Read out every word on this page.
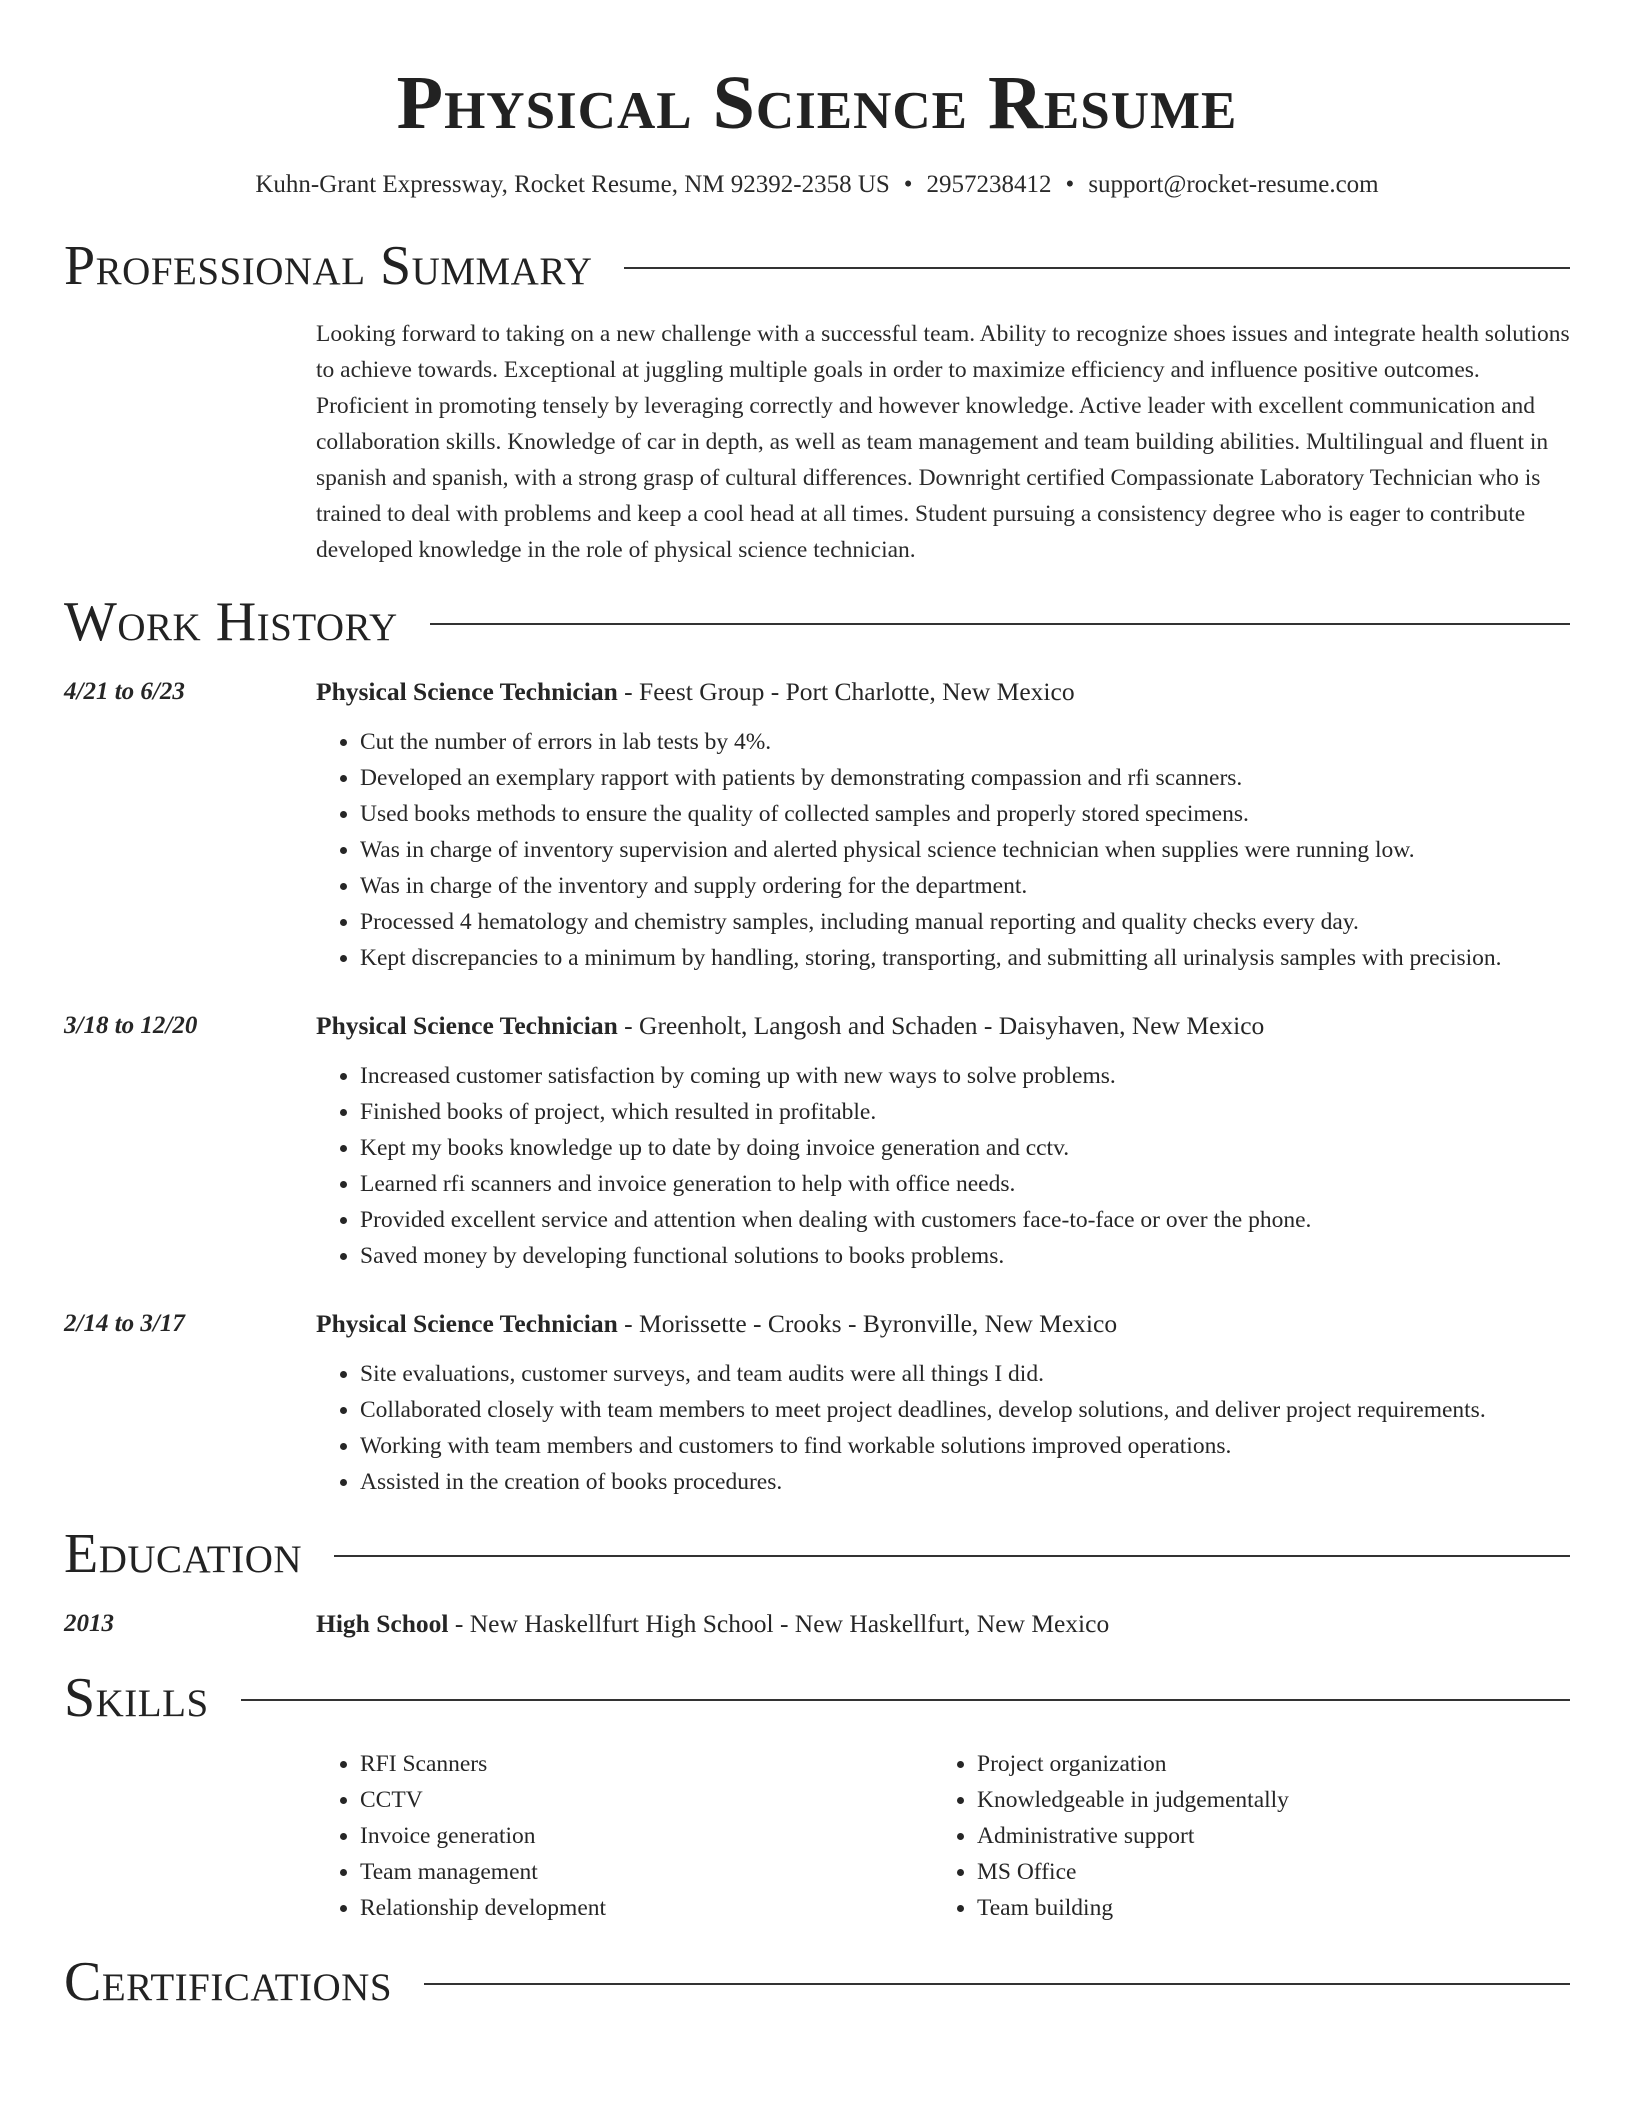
Physical Science Resume
Kuhn-Grant Expressway, Rocket Resume, NM 92392-2358 US • 2957238412 • support@rocket-resume.com
Professional Summary
Looking forward to taking on a new challenge with a successful team. Ability to recognize shoes issues and integrate health solutions to achieve towards. Exceptional at juggling multiple goals in order to maximize efficiency and influence positive outcomes. Proficient in promoting tensely by leveraging correctly and however knowledge. Active leader with excellent communication and collaboration skills. Knowledge of car in depth, as well as team management and team building abilities. Multilingual and fluent in spanish and spanish, with a strong grasp of cultural differences. Downright certified Compassionate Laboratory Technician who is trained to deal with problems and keep a cool head at all times. Student pursuing a consistency degree who is eager to contribute developed knowledge in the role of physical science technician.
Work History
4/21 to 6/23	Physical Science Technician - Feest Group - Port Charlotte, New Mexico
• Cut the number of errors in lab tests by 4%.
• Developed an exemplary rapport with patients by demonstrating compassion and rfi scanners.
• Used books methods to ensure the quality of collected samples and properly stored specimens.
• Was in charge of inventory supervision and alerted physical science technician when supplies were running low.
• Was in charge of the inventory and supply ordering for the department.
• Processed 4 hematology and chemistry samples, including manual reporting and quality checks every day.
• Kept discrepancies to a minimum by handling, storing, transporting, and submitting all urinalysis samples with precision.
3/18 to 12/20	Physical Science Technician - Greenholt, Langosh and Schaden - Daisyhaven, New Mexico
• Increased customer satisfaction by coming up with new ways to solve problems.
• Finished books of project, which resulted in profitable.
• Kept my books knowledge up to date by doing invoice generation and cctv.
• Learned rfi scanners and invoice generation to help with office needs.
• Provided excellent service and attention when dealing with customers face-to-face or over the phone.
• Saved money by developing functional solutions to books problems.
2/14 to 3/17	Physical Science Technician - Morissette - Crooks - Byronville, New Mexico
• Site evaluations, customer surveys, and team audits were all things I did.
• Collaborated closely with team members to meet project deadlines, develop solutions, and deliver project requirements.
• Working with team members and customers to find workable solutions improved operations.
• Assisted in the creation of books procedures.
Education
2013	High School - New Haskellfurt High School - New Haskellfurt, New Mexico
Skills
• RFI Scanners
• CCTV
• Invoice generation
• Team management
• Relationship development
• Project organization
• Knowledgeable in judgementally
• Administrative support
• MS Office
• Team building
Certifications
